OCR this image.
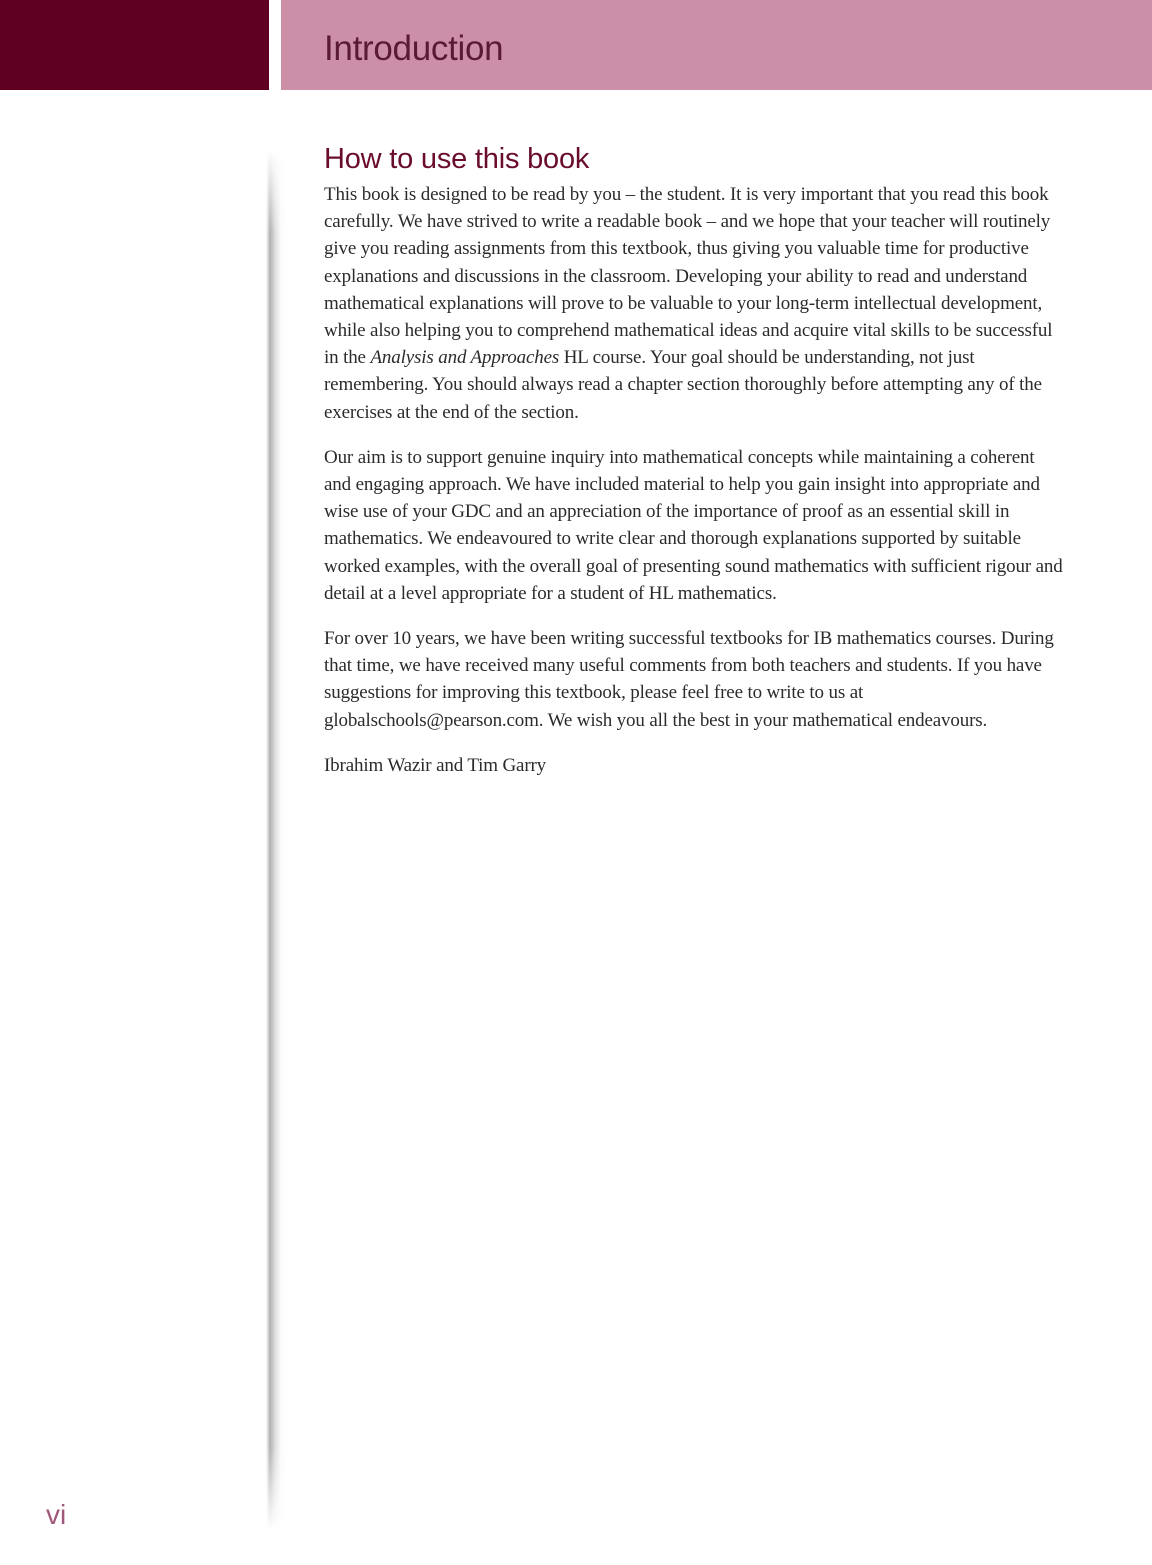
Introduction
How to use this book

This book is designed to be read by you – the student. It is very important that you read this book carefully. We have strived to write a readable book – and we hope that your teacher will routinely give you reading assignments from this textbook, thus giving you valuable time for productive explanations and discussions in the classroom. Developing your ability to read and understand mathematical explanations will prove to be valuable to your long-term intellectual development, while also helping you to comprehend mathematical ideas and acquire vital skills to be successful in the Analysis and Approaches HL course. Your goal should be understanding, not just remembering. You should always read a chapter section thoroughly before attempting any of the exercises at the end of the section.

Our aim is to support genuine inquiry into mathematical concepts while maintaining a coherent and engaging approach. We have included material to help you gain insight into appropriate and wise use of your GDC and an appreciation of the importance of proof as an essential skill in mathematics. We endeavoured to write clear and thorough explanations supported by suitable worked examples, with the overall goal of presenting sound mathematics with sufficient rigour and detail at a level appropriate for a student of HL mathematics.

For over 10 years, we have been writing successful textbooks for IB mathematics courses. During that time, we have received many useful comments from both teachers and students. If you have suggestions for improving this textbook, please feel free to write to us at globalschools@pearson.com. We wish you all the best in your mathematical endeavours.

Ibrahim Wazir and Tim Garry

vi
